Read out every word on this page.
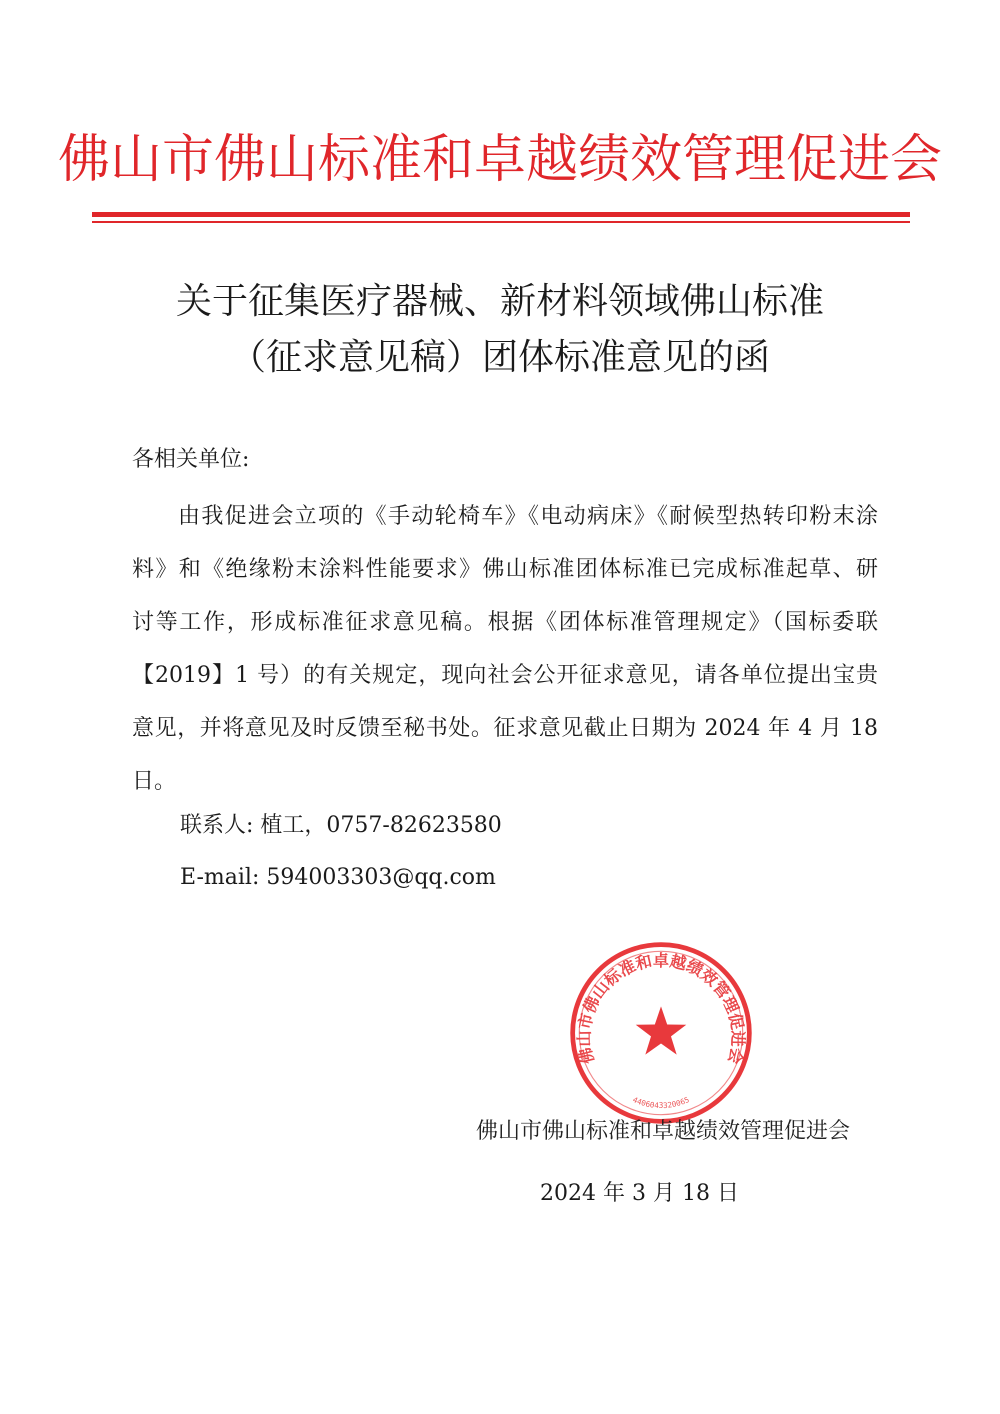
佛山市佛山标准和卓越绩效管理促进会
关于征集医疗器械、新材料领域佛山标准
（征求意见稿）团体标准意见的函
各相关单位:
由我促进会立项的《手动轮椅车》《电动病床》《耐候型热转印粉末涂
料》和《绝缘粉末涂料性能要求》佛山标准团体标准已完成标准起草、研
讨等工作，形成标准征求意见稿。根据《团体标准管理规定》（国标委联
【2019】1 号）的有关规定，现向社会公开征求意见，请各单位提出宝贵
意见，并将意见及时反馈至秘书处。征求意见截止日期为 2024 年 4 月 18
日。
联系人: 植工，0757-82623580
E-mail: 594003303@qq.com
佛山市佛山标准和卓越绩效管理促进会
4406043320065
佛山市佛山标准和卓越绩效管理促进会
2024 年 3 月 18 日
